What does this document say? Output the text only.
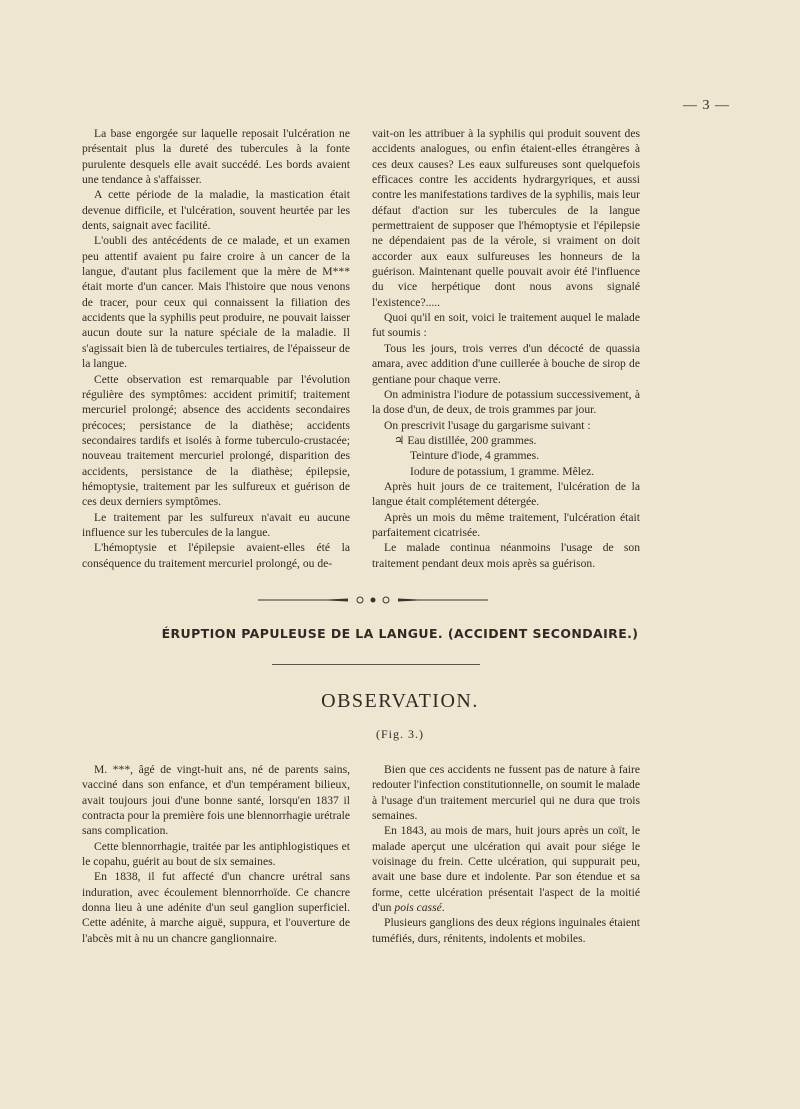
— 3 —

La base engorgée sur laquelle reposait l'ulcération ne présentait plus la dureté des tubercules à la fonte purulente desquels elle avait succédé. Les bords avaient une tendance à s'affaisser.

A cette période de la maladie, la mastication était devenue difficile, et l'ulcération, souvent heurtée par les dents, saignait avec facilité.

L'oubli des antécédents de ce malade, et un examen peu attentif avaient pu faire croire à un cancer de la langue, d'autant plus facilement que la mère de M*** était morte d'un cancer. Mais l'histoire que nous venons de tracer, pour ceux qui connaissent la filiation des accidents que la syphilis peut produire, ne pouvait laisser aucun doute sur la nature spéciale de la maladie. Il s'agissait bien là de tubercules tertiaires, de l'épaisseur de la langue.

Cette observation est remarquable par l'évolution régulière des symptômes: accident primitif; traitement mercuriel prolongé; absence des accidents secondaires précoces; persistance de la diathèse; accidents secondaires tardifs et isolés à forme tuberculo-crustacée; nouveau traitement mercuriel prolongé, disparition des accidents, persistance de la diathèse; épilepsie, hémoptysie, traitement par les sulfureux et guérison de ces deux derniers symptômes.

Le traitement par les sulfureux n'avait eu aucune influence sur les tubercules de la langue.

L'hémoptysie et l'épilepsie avaient-elles été la conséquence du traitement mercuriel prolongé, ou de-

vait-on les attribuer à la syphilis qui produit souvent des accidents analogues, ou enfin étaient-elles étrangères à ces deux causes? Les eaux sulfureuses sont quelquefois efficaces contre les accidents hydrargyriques, et aussi contre les manifestations tardives de la syphilis, mais leur défaut d'action sur les tubercules de la langue permettraient de supposer que l'hémoptysie et l'épilepsie ne dépendaient pas de la vérole, si vraiment on doit accorder aux eaux sulfureuses les honneurs de la guérison. Maintenant quelle pouvait avoir été l'influence du vice herpétique dont nous avons signalé l'existence?.....

Quoi qu'il en soit, voici le traitement auquel le malade fut soumis :

Tous les jours, trois verres d'un décocté de quassia amara, avec addition d'une cuillerée à bouche de sirop de gentiane pour chaque verre.

On administra l'iodure de potassium successivement, à la dose d'un, de deux, de trois grammes par jour.

On prescrivit l'usage du gargarisme suivant :

♃ Eau distillée, 200 grammes.

Teinture d'iode, 4 grammes.

Iodure de potassium, 1 gramme. Mêlez.

Après huit jours de ce traitement, l'ulcération de la langue était complétement détergée.

Après un mois du même traitement, l'ulcération était parfaitement cicatrisée.

Le malade continua néanmoins l'usage de son traitement pendant deux mois après sa guérison.

ÉRUPTION PAPULEUSE DE LA LANGUE. (ACCIDENT SECONDAIRE.)
OBSERVATION.
(Fig. 3.)

M. ***, âgé de vingt-huit ans, né de parents sains, vacciné dans son enfance, et d'un tempérament bilieux, avait toujours joui d'une bonne santé, lorsqu'en 1837 il contracta pour la première fois une blennorrhagie urétrale sans complication.

Cette blennorrhagie, traitée par les antiphlogistiques et le copahu, guérit au bout de six semaines.

En 1838, il fut affecté d'un chancre urétral sans induration, avec écoulement blennorrhoïde. Ce chancre donna lieu à une adénite d'un seul ganglion superficiel. Cette adénite, à marche aiguë, suppura, et l'ouverture de l'abcès mit à nu un chancre ganglionnaire.

Bien que ces accidents ne fussent pas de nature à faire redouter l'infection constitutionnelle, on soumit le malade à l'usage d'un traitement mercuriel qui ne dura que trois semaines.

En 1843, au mois de mars, huit jours après un coït, le malade aperçut une ulcération qui avait pour siége le voisinage du frein. Cette ulcération, qui suppurait peu, avait une base dure et indolente. Par son étendue et sa forme, cette ulcération présentait l'aspect de la moitié d'un pois cassé.

Plusieurs ganglions des deux régions inguinales étaient tuméfiés, durs, rénitents, indolents et mobiles.
